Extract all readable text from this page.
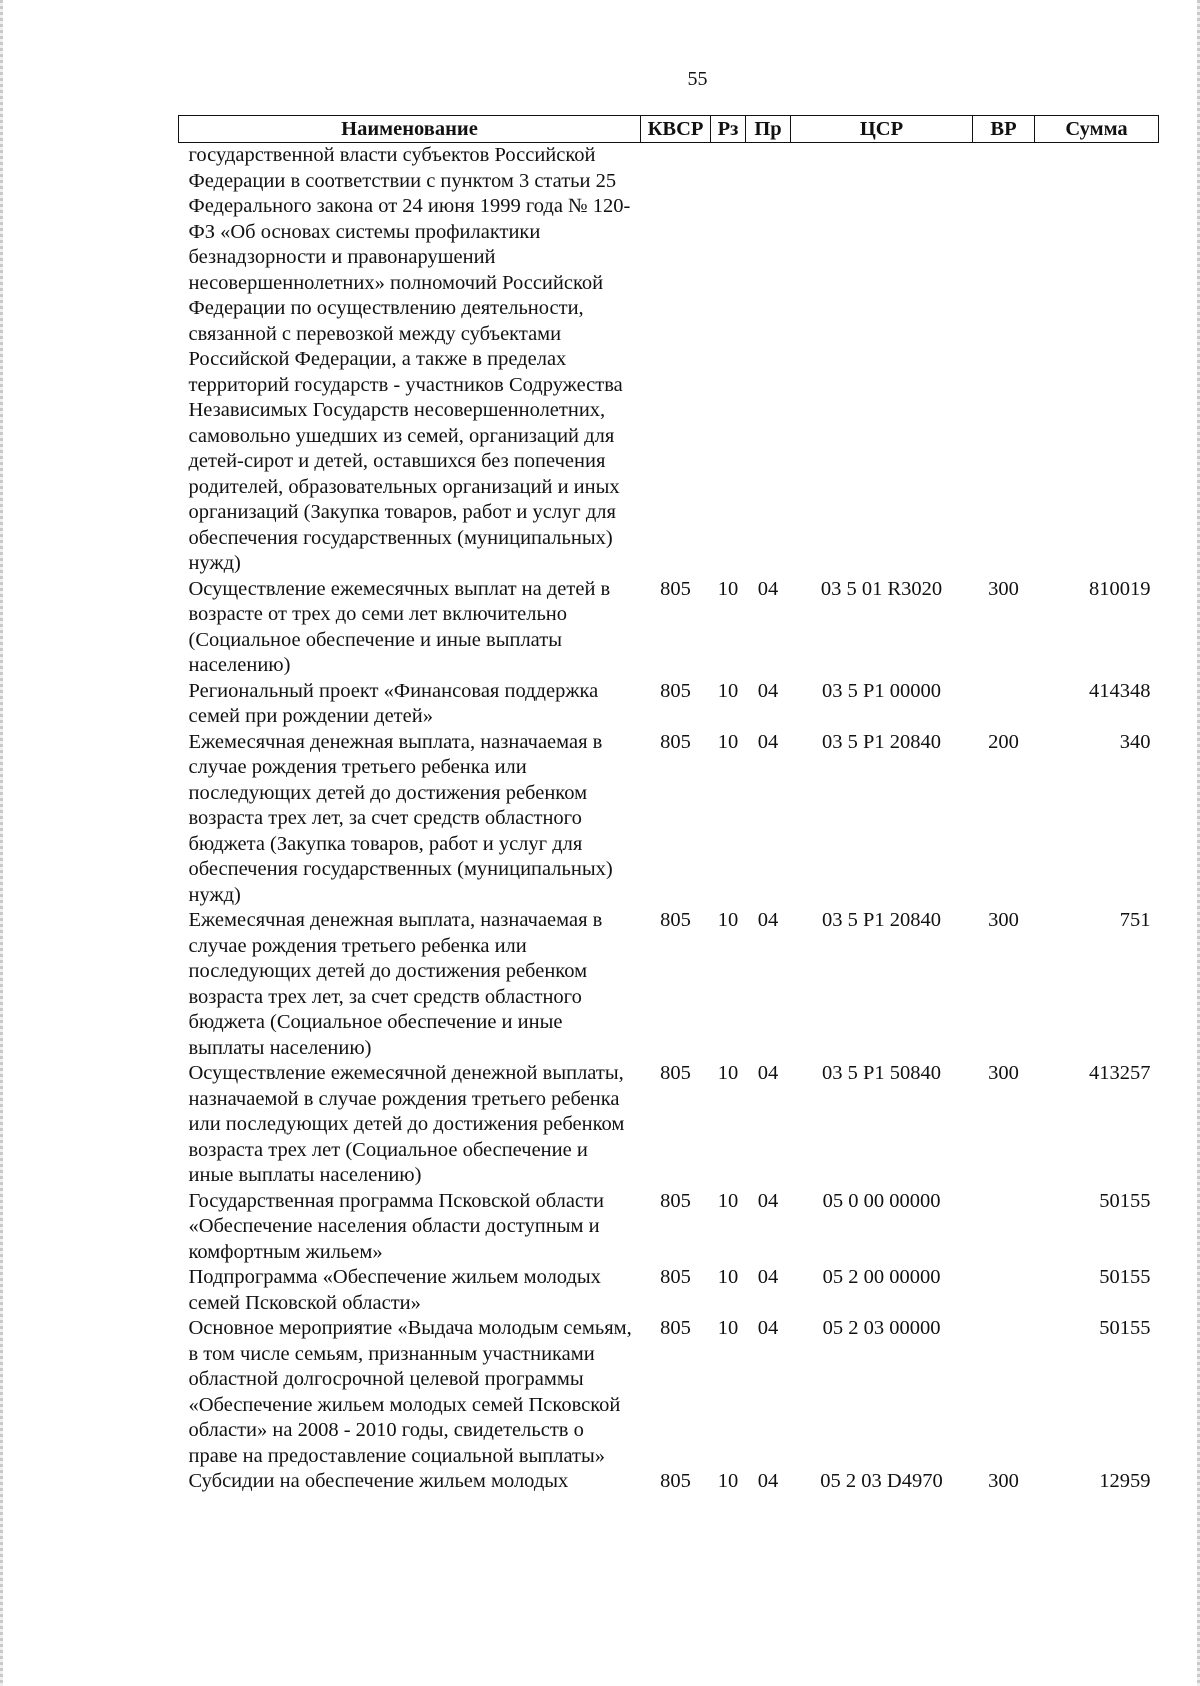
55
Наименование	КВСР	Рз	Пр	ЦСР	ВР	Сумма
государственной власти субъектов Российской Федерации в соответствии с пунктом 3 статьи 25 Федерального закона от 24 июня 1999 года № 120-ФЗ «Об основах системы профилактики безнадзорности и правонарушений несовершеннолетних» полномочий Российской Федерации по осуществлению деятельности, связанной с перевозкой между субъектами Российской Федерации, а также в пределах территорий государств - участников Содружества Независимых Государств несовершеннолетних, самовольно ушедших из семей, организаций для детей-сирот и детей, оставшихся без попечения родителей, образовательных организаций и иных организаций (Закупка товаров, работ и услуг для обеспечения государственных (муниципальных) нужд)						
Осуществление ежемесячных выплат на детей в возрасте от трех до семи лет включительно (Социальное обеспечение и иные выплаты населению)	805	10	04	03 5 01 R3020	300	810019
Региональный проект «Финансовая поддержка семей при рождении детей»	805	10	04	03 5 P1 00000		414348
Ежемесячная денежная выплата, назначаемая в случае рождения третьего ребенка или последующих детей до достижения ребенком возраста трех лет, за счет средств областного бюджета (Закупка товаров, работ и услуг для обеспечения государственных (муниципальных) нужд)	805	10	04	03 5 P1 20840	200	340
Ежемесячная денежная выплата, назначаемая в случае рождения третьего ребенка или последующих детей до достижения ребенком возраста трех лет, за счет средств областного бюджета (Социальное обеспечение и иные выплаты населению)	805	10	04	03 5 P1 20840	300	751
Осуществление ежемесячной денежной выплаты, назначаемой в случае рождения третьего ребенка или последующих детей до достижения ребенком возраста трех лет (Социальное обеспечение и иные выплаты населению)	805	10	04	03 5 P1 50840	300	413257
Государственная программа Псковской области «Обеспечение населения области доступным и комфортным жильем»	805	10	04	05 0 00 00000		50155
Подпрограмма «Обеспечение жильем молодых семей Псковской области»	805	10	04	05 2 00 00000		50155
Основное мероприятие «Выдача молодым семьям, в том числе семьям, признанным участниками областной долгосрочной целевой программы «Обеспечение жильем молодых семей Псковской области» на 2008 - 2010 годы, свидетельств о праве на предоставление социальной выплаты»	805	10	04	05 2 03 00000		50155
Субсидии на обеспечение жильем молодых	805	10	04	05 2 03 D4970	300	12959
